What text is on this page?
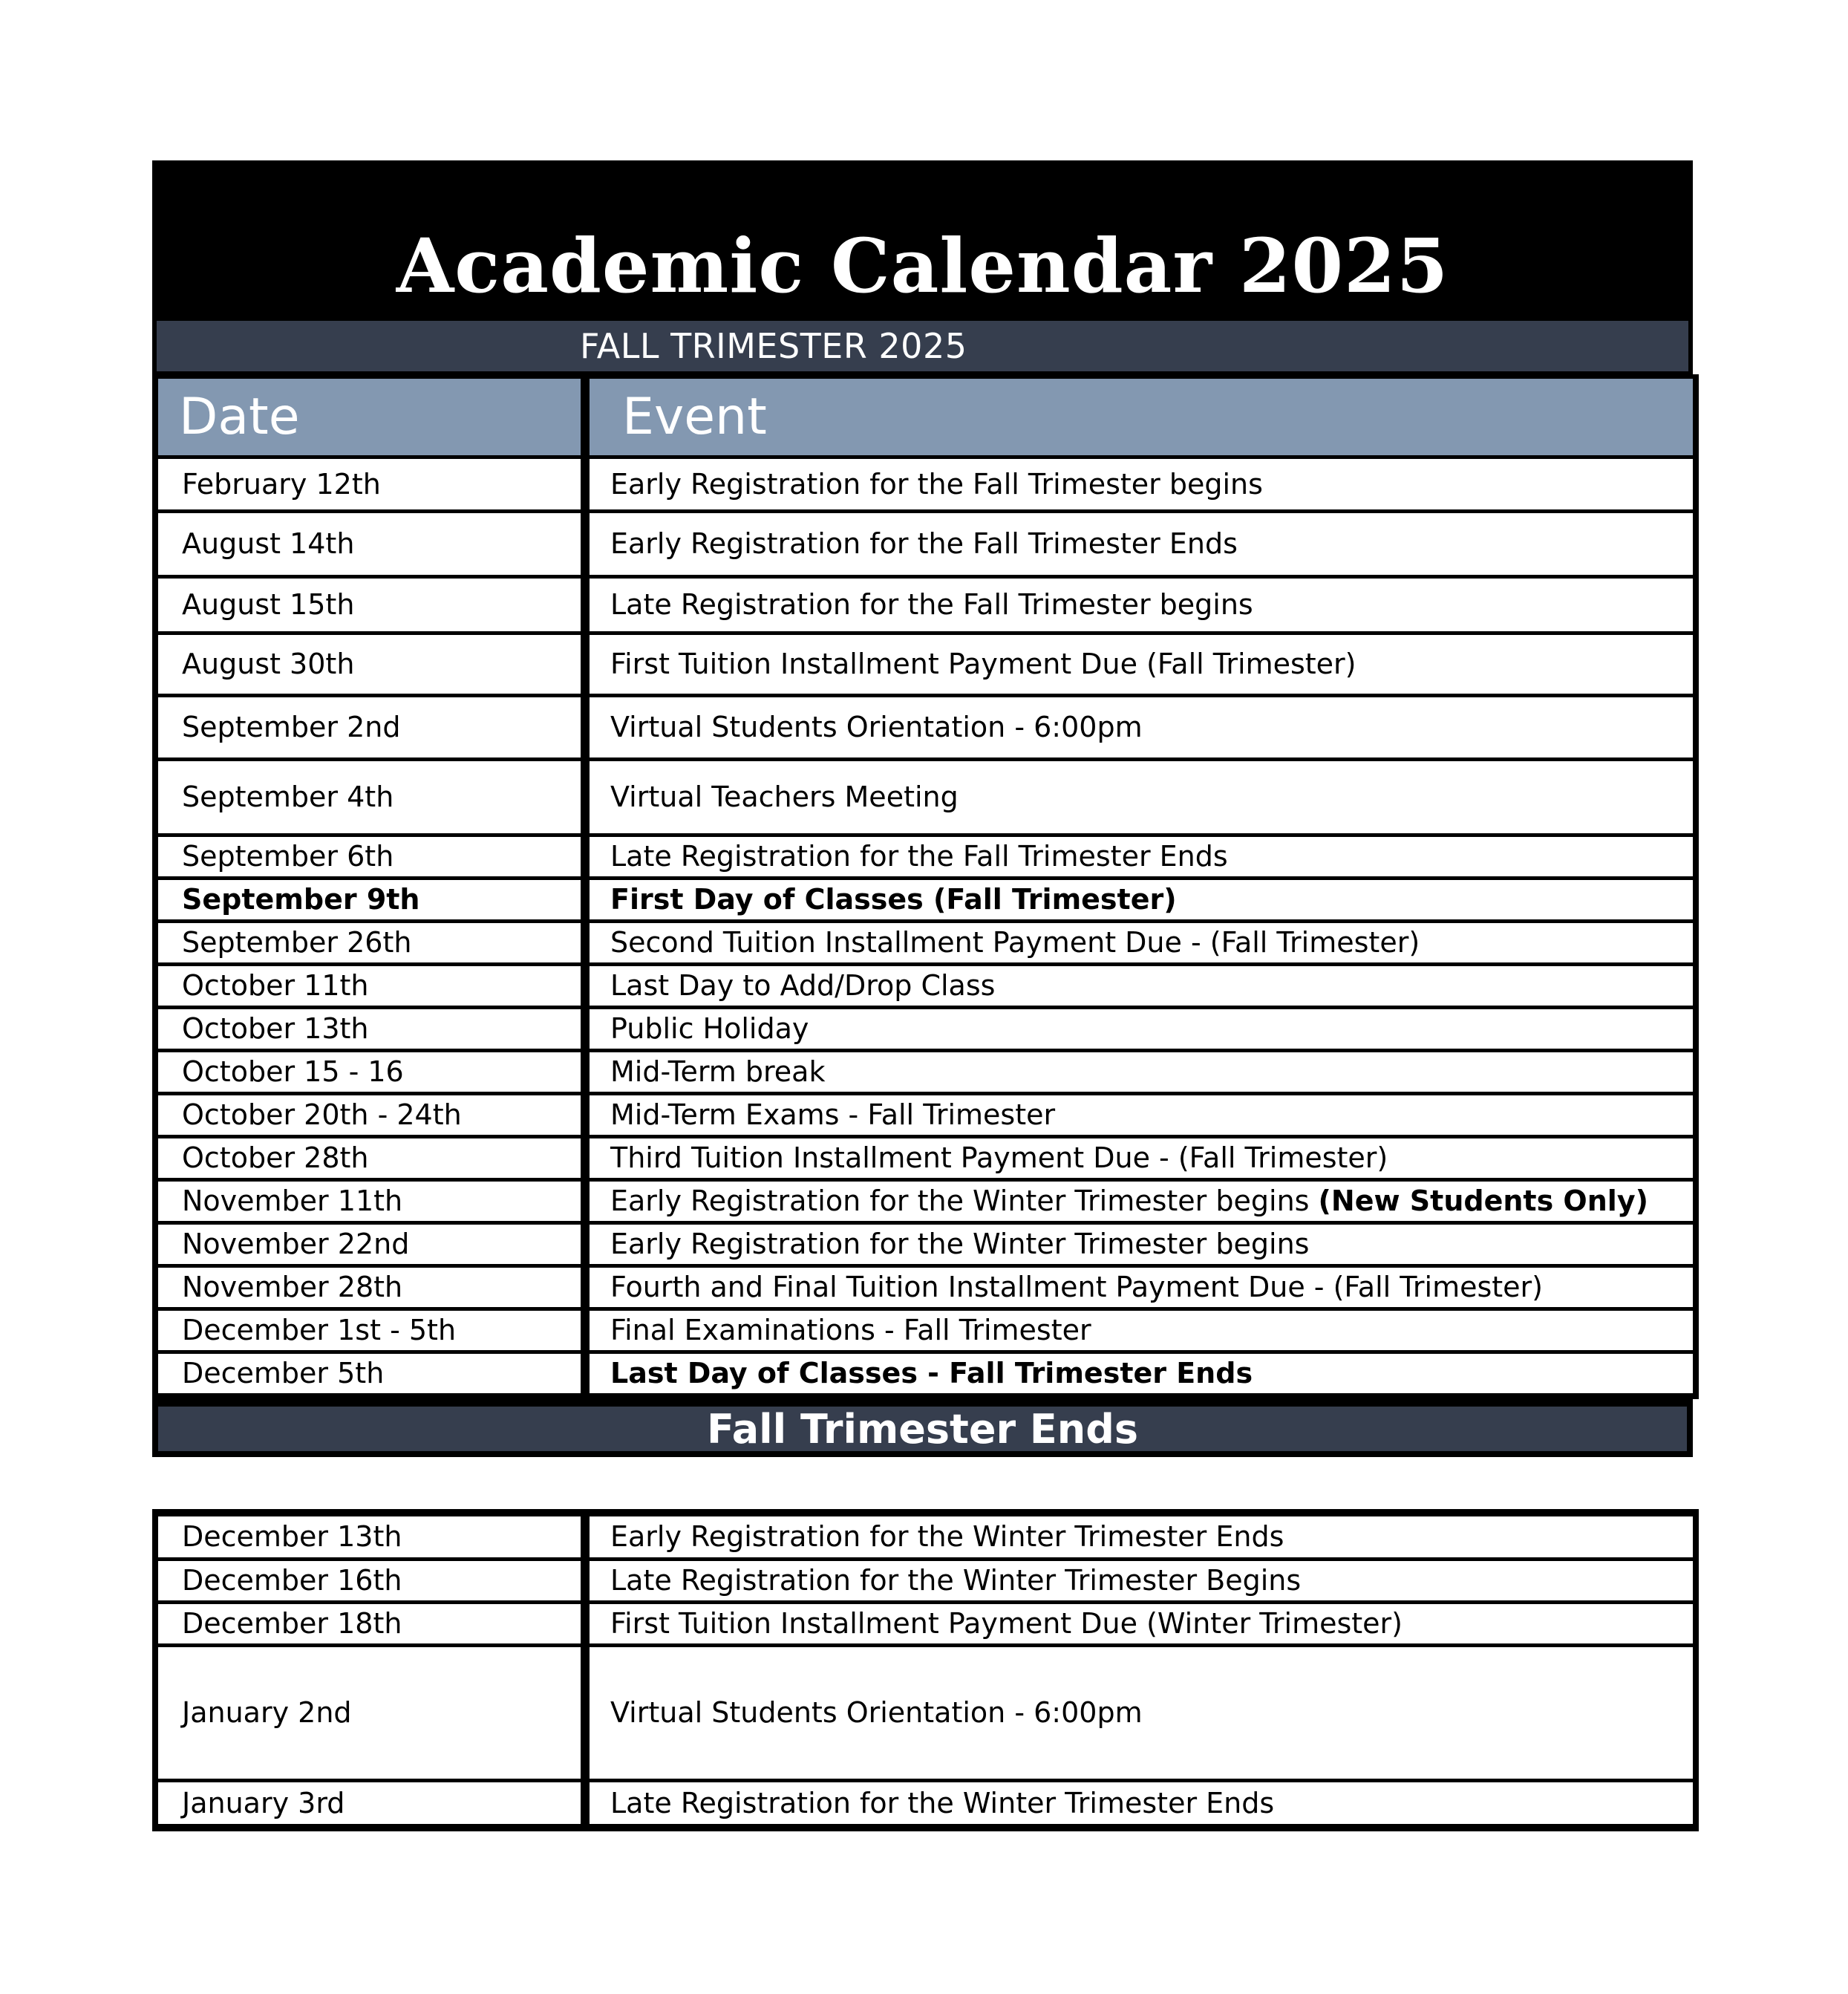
Academic Calendar 2025
FALL TRIMESTER 2025
Date	Event
February 12th	Early Registration for the Fall Trimester begins
August 14th	Early Registration for the Fall Trimester Ends
August 15th	Late Registration for the Fall Trimester begins
August 30th	First Tuition Installment Payment Due (Fall Trimester)
September 2nd	Virtual Students Orientation - 6:00pm
September 4th	Virtual Teachers Meeting
September 6th	Late Registration for the Fall Trimester Ends
September 9th	First Day of Classes (Fall Trimester)
September 26th	Second Tuition Installment Payment Due - (Fall Trimester)
October 11th	Last Day to Add/Drop Class
October 13th	Public Holiday
October 15 - 16	Mid-Term break
October 20th - 24th	Mid-Term Exams - Fall Trimester
October 28th	Third Tuition Installment Payment Due - (Fall Trimester)
November 11th	Early Registration for the Winter Trimester begins (New Students Only)
November 22nd	Early Registration for the Winter Trimester begins
November 28th	Fourth and Final Tuition Installment Payment Due - (Fall Trimester)
December 1st - 5th	Final Examinations - Fall Trimester
December 5th	Last Day of Classes - Fall Trimester Ends
Fall Trimester Ends
December 13th	Early Registration for the Winter Trimester Ends
December 16th	Late Registration for the Winter Trimester Begins
December 18th	First Tuition Installment Payment Due (Winter Trimester)
January 2nd	Virtual Students Orientation - 6:00pm
January 3rd	Late Registration for the Winter Trimester Ends
